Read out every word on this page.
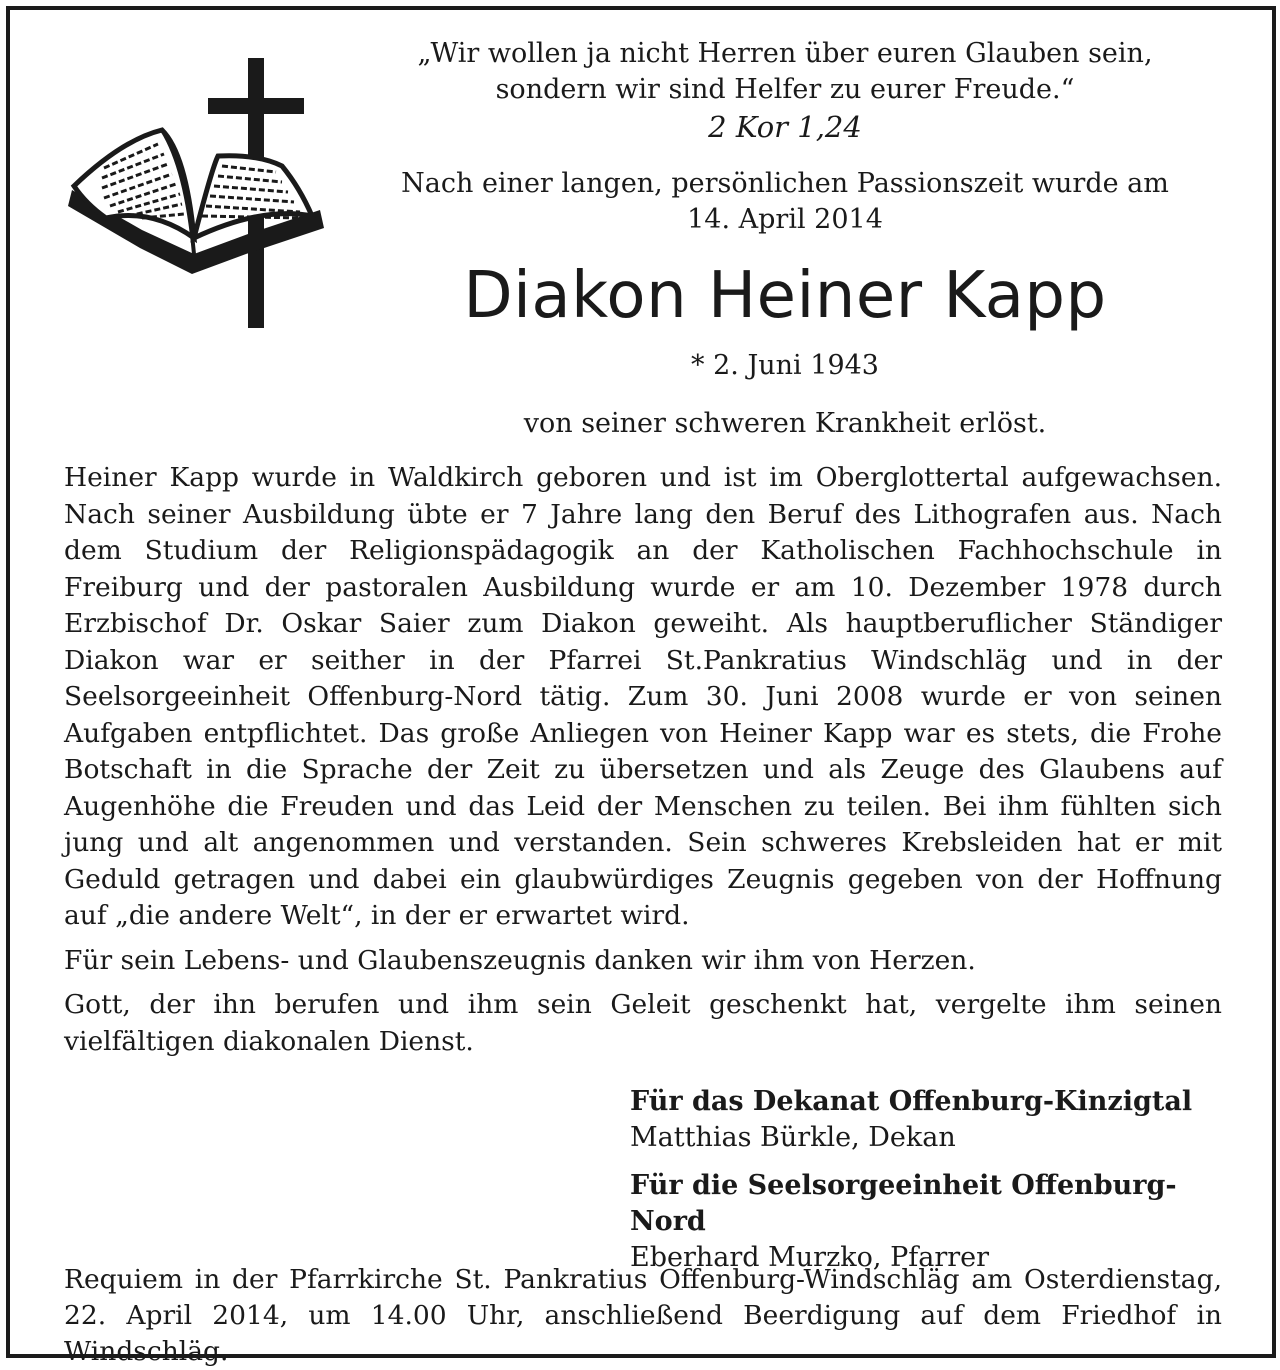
„Wir wollen ja nicht Herren über euren Glauben sein,
sondern wir sind Helfer zu eurer Freude.“
2 Kor 1,24
Nach einer langen, persönlichen Passionszeit wurde am
14. April 2014
Diakon Heiner Kapp
* 2. Juni 1943
von seiner schweren Krankheit erlöst.

Heiner Kapp wurde in Waldkirch geboren und ist im Oberglottertal aufgewachsen. Nach seiner Ausbildung übte er 7 Jahre lang den Beruf des Lithografen aus. Nach dem Studium der Religionspädagogik an der Katholischen Fachhochschule in Freiburg und der pastoralen Ausbildung wurde er am 10. Dezember 1978 durch Erzbischof Dr. Oskar Saier zum Diakon geweiht. Als hauptberuflicher Ständiger Diakon war er seither in der Pfarrei St.Pankratius Windschläg und in der Seelsorgeeinheit Offenburg-Nord tätig. Zum 30. Juni 2008 wurde er von seinen Aufgaben entpflichtet. Das große Anliegen von Heiner Kapp war es stets, die Frohe Botschaft in die Sprache der Zeit zu übersetzen und als Zeuge des Glaubens auf Augenhöhe die Freuden und das Leid der Menschen zu teilen. Bei ihm fühlten sich jung und alt angenommen und verstanden. Sein schweres Krebsleiden hat er mit Geduld getragen und dabei ein glaubwürdiges Zeugnis gegeben von der Hoffnung auf „die andere Welt“, in der er erwartet wird.

Für sein Lebens- und Glaubenszeugnis danken wir ihm von Herzen.

Gott, der ihn berufen und ihm sein Geleit geschenkt hat, vergelte ihm seinen vielfältigen diakonalen Dienst.

Für das Dekanat Offenburg-Kinzigtal
Matthias Bürkle, Dekan
Für die Seelsorgeeinheit Offenburg-Nord
Eberhard Murzko, Pfarrer
Requiem in der Pfarrkirche St. Pankratius Offenburg-Windschläg am Osterdienstag, 22. April 2014, um 14.00 Uhr, anschließend Beerdigung auf dem Friedhof in Windschläg.
